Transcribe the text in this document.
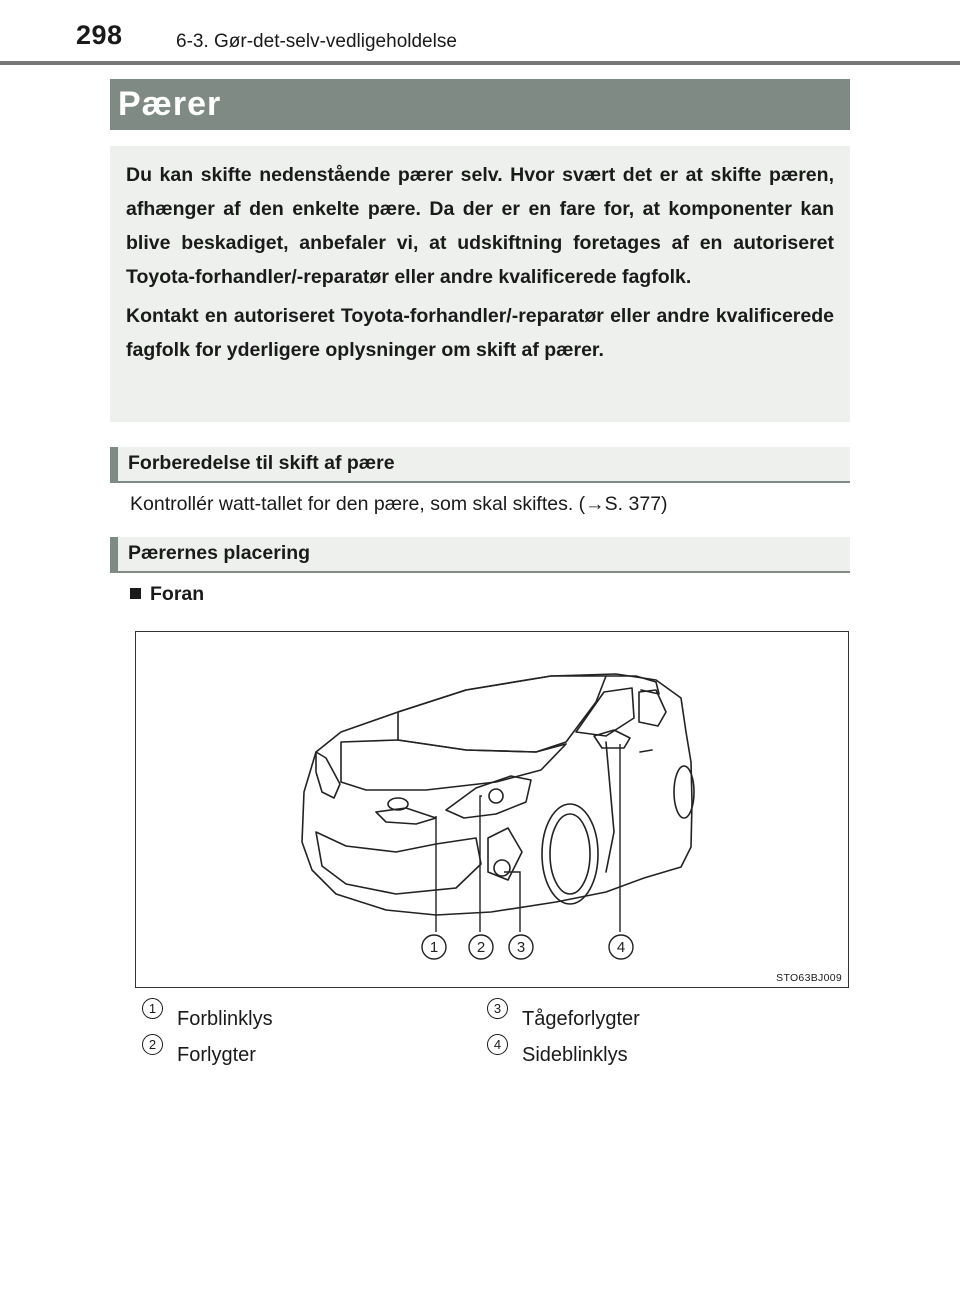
298	6-3. Gør-det-selv-vedligeholdelse
Pærer

Du kan skifte nedenstående pærer selv. Hvor svært det er at skifte pæren, afhænger af den enkelte pære. Da der er en fare for, at komponenter kan blive beskadiget, anbefaler vi, at udskiftning foretages af en autoriseret Toyota-forhandler/-reparatør eller andre kvalificerede fagfolk.

Kontakt en autoriseret Toyota-forhandler/-reparatør eller andre kvalificerede fagfolk for yderligere oplysninger om skift af pærer.

Forberedelse til skift af pære
Kontrollér watt-tallet for den pære, som skal skiftes. (→S. 377)
Pærernes placering
Foran
1	2 3	4
STO63BJ009
1 Forblinklys
2 Forlygter
3 Tågeforlygter
4 Sideblinklys
